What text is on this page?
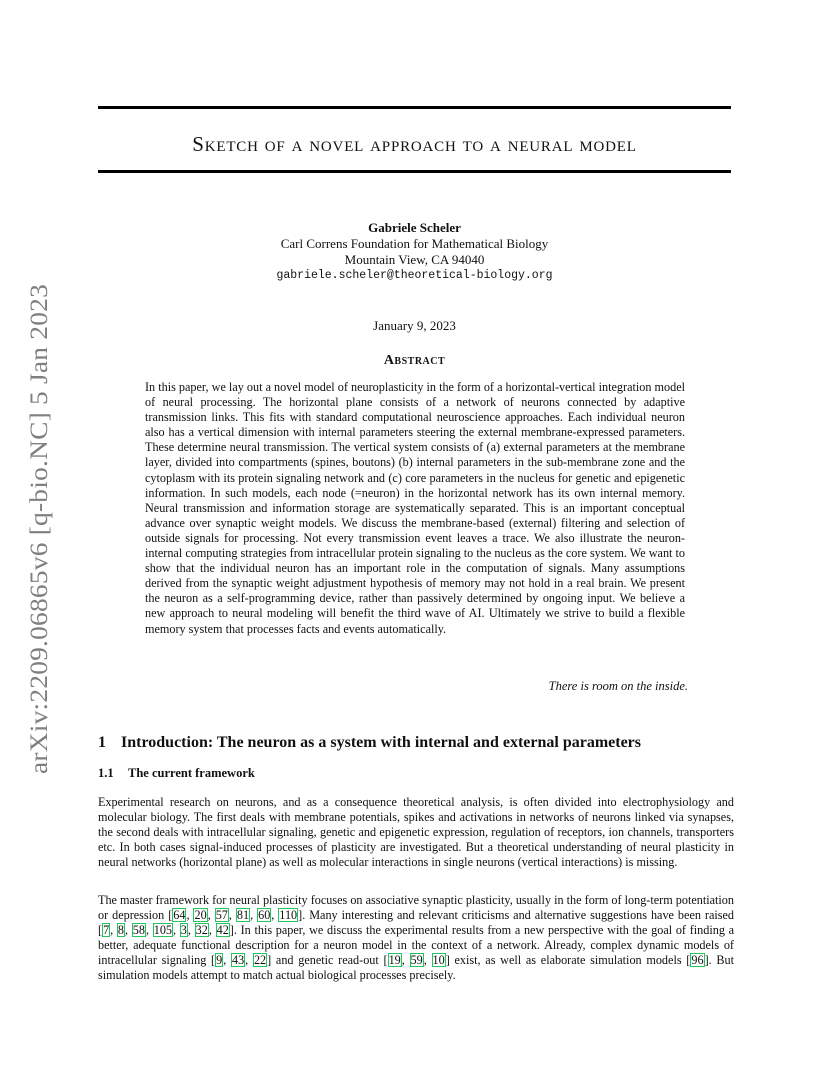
arXiv:2209.06865v6 [q-bio.NC] 5 Jan 2023
Sketch of a novel approach to a neural model
Gabriele Scheler
Carl Correns Foundation for Mathematical Biology
Mountain View, CA 94040
gabriele.scheler@theoretical-biology.org
January 9, 2023
Abstract

In this paper, we lay out a novel model of neuroplasticity in the form of a horizontal-vertical integration model of neural processing. The horizontal plane consists of a network of neurons connected by adaptive transmission links. This fits with standard computational neuroscience approaches. Each individual neuron also has a vertical dimension with internal parameters steering the external membrane-expressed parameters. These determine neural transmission. The vertical system consists of (a) external parameters at the membrane layer, divided into compartments (spines, boutons) (b) internal parameters in the sub-membrane zone and the cytoplasm with its protein signaling network and (c) core parameters in the nucleus for genetic and epigenetic information. In such models, each node (=neuron) in the horizontal network has its own internal memory. Neural transmission and information storage are systematically separated. This is an important conceptual advance over synaptic weight models. We discuss the membrane-based (external) filtering and selection of outside signals for processing. Not every transmission event leaves a trace. We also illustrate the neuron-internal computing strategies from intracellular protein signaling to the nucleus as the core system. We want to show that the individual neuron has an important role in the computation of signals. Many assumptions derived from the synaptic weight adjustment hypothesis of memory may not hold in a real brain. We present the neuron as a self-programming device, rather than passively determined by ongoing input. We believe a new approach to neural modeling will benefit the third wave of AI. Ultimately we strive to build a flexible memory system that processes facts and events automatically.

There is room on the inside.
1 Introduction: The neuron as a system with internal and external parameters
1.1 The current framework

Experimental research on neurons, and as a consequence theoretical analysis, is often divided into electrophysiology and molecular biology. The first deals with membrane potentials, spikes and activations in networks of neurons linked via synapses, the second deals with intracellular signaling, genetic and epigenetic expression, regulation of receptors, ion channels, transporters etc. In both cases signal-induced processes of plasticity are investigated. But a theoretical understanding of neural plasticity in neural networks (horizontal plane) as well as molecular interactions in single neurons (vertical interactions) is missing.

The master framework for neural plasticity focuses on associative synaptic plasticity, usually in the form of long-term potentiation or depression [64, 20, 57, 81, 60, 110]. Many interesting and relevant criticisms and alternative suggestions have been raised [7, 8, 58, 105, 3, 32, 42]. In this paper, we discuss the experimental results from a new perspective with the goal of finding a better, adequate functional description for a neuron model in the context of a network. Already, complex dynamic models of intracellular signaling [9, 43, 22] and genetic read-out [19, 59, 10] exist, as well as elaborate simulation models [96]. But simulation models attempt to match actual biological processes precisely.
